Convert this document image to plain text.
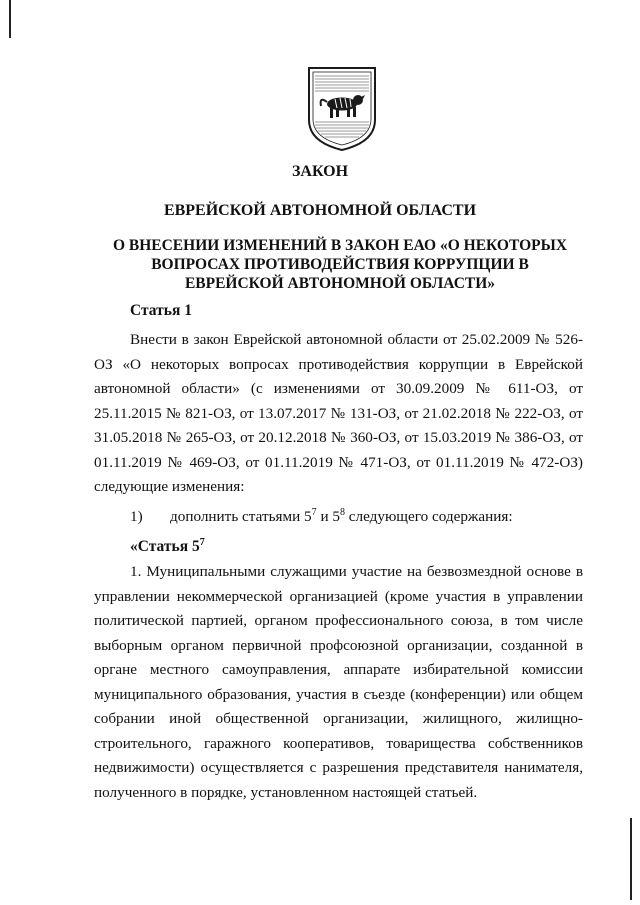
ЗАКОН
ЕВРЕЙСКОЙ АВТОНОМНОЙ ОБЛАСТИ
О ВНЕСЕНИИ ИЗМЕНЕНИЙ В ЗАКОН ЕАО «О НЕКОТОРЫХ ВОПРОСАХ ПРОТИВОДЕЙСТВИЯ КОРРУПЦИИ В ЕВРЕЙСКОЙ АВТОНОМНОЙ ОБЛАСТИ»
Статья 1

Внести в закон Еврейской автономной области от 25.02.2009 № 526-ОЗ «О некоторых вопросах противодействия коррупции в Еврейской автономной области» (с изменениями от 30.09.2009 № 611-ОЗ, от 25.11.2015 № 821-ОЗ, от 13.07.2017 № 131-ОЗ, от 21.02.2018 № 222-ОЗ, от 31.05.2018 № 265-ОЗ, от 20.12.2018 № 360-ОЗ, от 15.03.2019 № 386-ОЗ, от 01.11.2019 № 469-ОЗ, от 01.11.2019 № 471-ОЗ, от 01.11.2019 № 472-ОЗ) следующие изменения:

1) дополнить статьями $5^7$ и $5^8$ следующего содержания:
«Статья $5^7$

1. Муниципальными служащими участие на безвозмездной основе в управлении некоммерческой организацией (кроме участия в управлении политической партией, органом профессионального союза, в том числе выборным органом первичной профсоюзной организации, созданной в органе местного самоуправления, аппарате избирательной комиссии муниципального образования, участия в съезде (конференции) или общем собрании иной общественной организации, жилищного, жилищно-строительного, гаражного кооперативов, товарищества собственников недвижимости) осуществляется с разрешения представителя нанимателя, полученного в порядке, установленном настоящей статьей.
